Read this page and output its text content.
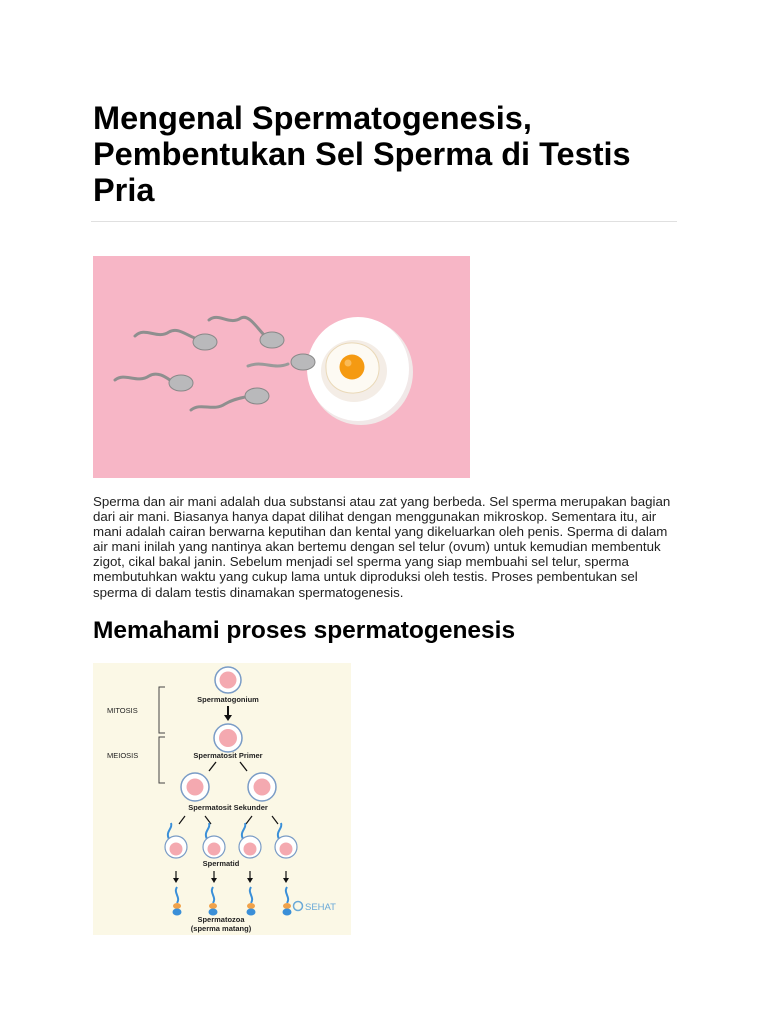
Mengenal Spermatogenesis, Pembentukan Sel Sperma di Testis Pria
Sperma dan air mani adalah dua substansi atau zat yang berbeda. Sel sperma merupakan bagian dari air mani. Biasanya hanya dapat dilihat dengan menggunakan mikroskop. Sementara itu, air mani adalah cairan berwarna keputihan dan kental yang dikeluarkan oleh penis. Sperma di dalam air mani inilah yang nantinya akan bertemu dengan sel telur (ovum) untuk kemudian membentuk zigot, cikal bakal janin. Sebelum menjadi sel sperma yang siap membuahi sel telur, sperma membutuhkan waktu yang cukup lama untuk diproduksi oleh testis. Proses pembentukan sel sperma di dalam testis dinamakan spermatogenesis.
Memahami proses spermatogenesis
MITOSIS
MEIOSIS
Spermatogonium
Spermatosit Primer
Spermatosit Sekunder
Spermatid
Spermatozoa
(sperma matang)
SEHAT
